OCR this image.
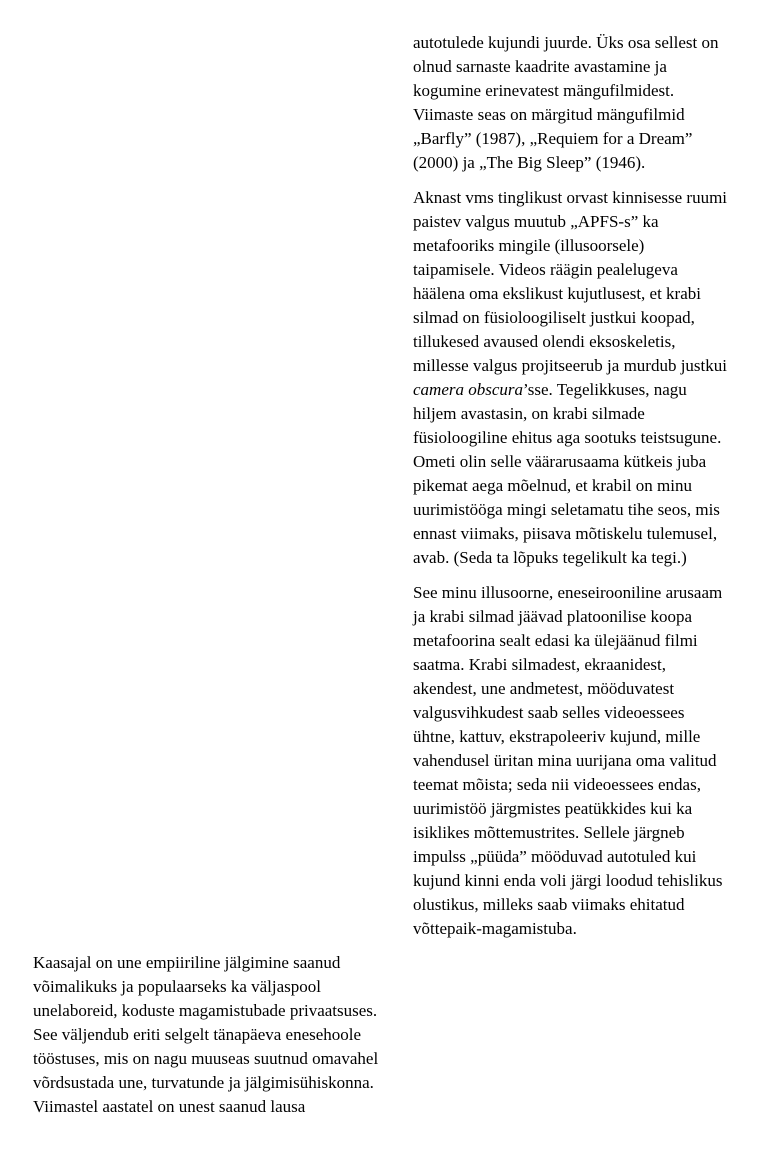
Kaasajal on une empiiriline jälgimine saanud
võimalikuks ja populaarseks ka väljaspool
unelaboreid, koduste magamistubade privaatsuses.
See väljendub eriti selgelt tänapäeva enesehoole
tööstuses, mis on nagu muuseas suutnud omavahel
võrdsustada une, turvatunde ja jälgimisühiskonna.
Viimastel aastatel on unest saanud lausa
autotulede kujundi juurde. Üks osa sellest on
olnud sarnaste kaadrite avastamine ja
kogumine erinevatest mängufilmidest.
Viimaste seas on märgitud mängufilmid
„Barfly” (1987), „Requiem for a Dream”
(2000) ja „The Big Sleep” (1946).
Aknast vms tinglikust orvast kinnisesse ruumi
paistev valgus muutub „APFS-s” ka
metafooriks mingile (illusoorsele)
taipamisele. Videos räägin pealelugeva
häälena oma ekslikust kujutlusest, et krabi
silmad on füsioloogiliselt justkui koopad,
tillukesed avaused olendi eksoskeletis,
millesse valgus projitseerub ja murdub justkui
camera obscura’sse. Tegelikkuses, nagu
hiljem avastasin, on krabi silmade
füsioloogiline ehitus aga sootuks teistsugune.
Ometi olin selle väärarusaama kütkeis juba
pikemat aega mõelnud, et krabil on minu
uurimistööga mingi seletamatu tihe seos, mis
ennast viimaks, piisava mõtiskelu tulemusel,
avab. (Seda ta lõpuks tegelikult ka tegi.)
See minu illusoorne, eneseirooniline arusaam
ja krabi silmad jäävad platoonilise koopa
metafoorina sealt edasi ka ülejäänud filmi
saatma. Krabi silmadest, ekraanidest,
akendest, une andmetest, mööduvatest
valgusvihkudest saab selles videoessees
ühtne, kattuv, ekstrapoleeriv kujund, mille
vahendusel üritan mina uurijana oma valitud
teemat mõista; seda nii videoessees endas,
uurimistöö järgmistes peatükkides kui ka
isiklikes mõttemustrites. Sellele järgneb
impulss „püüda” mööduvad autotuled kui
kujund kinni enda voli järgi loodud tehislikus
olustikus, milleks saab viimaks ehitatud
võttepaik-magamistuba.
